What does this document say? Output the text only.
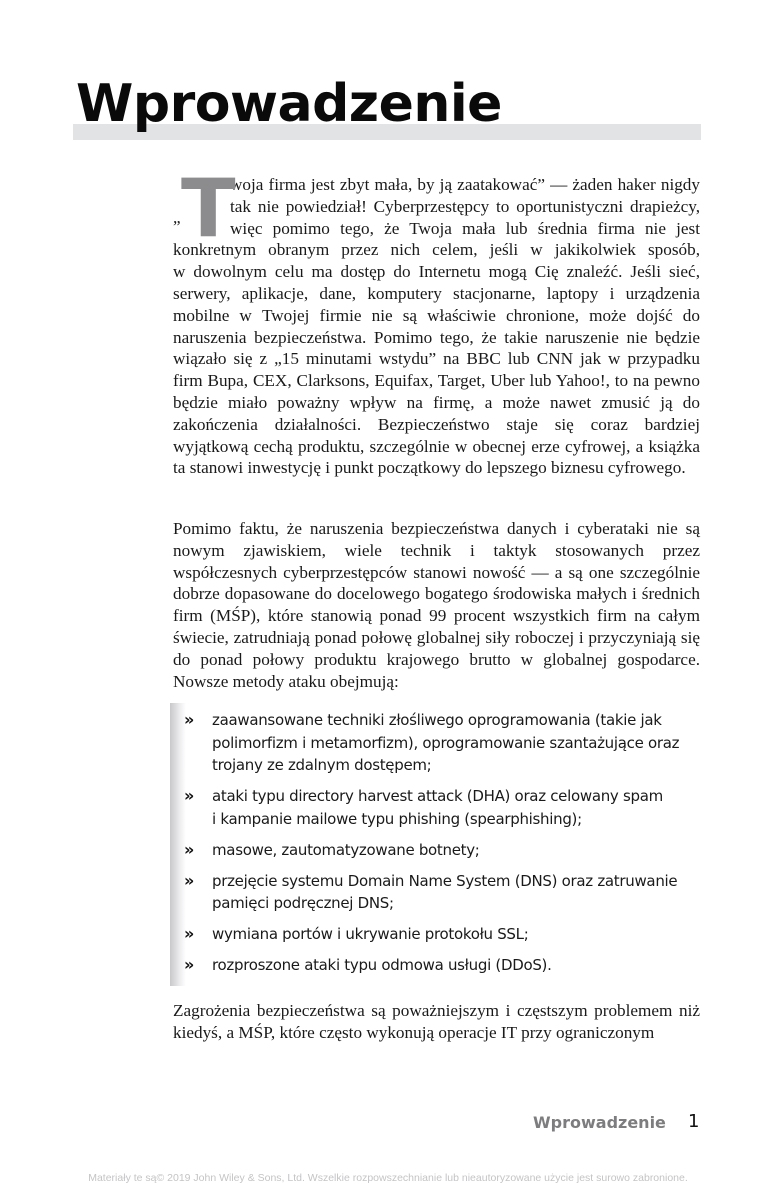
Wprowadzenie
T
”

woja firma jest zbyt mała, by ją zaatakować” — żaden haker nigdy tak nie powiedział! Cyberprzestępcy to oportunistyczni drapieżcy, więc pomimo tego, że Twoja mała lub średnia firma nie jest konkretnym obranym przez nich celem, jeśli w jakikolwiek sposób, w dowolnym celu ma dostęp do Internetu mogą Cię znaleźć. Jeśli sieć, serwery, aplikacje, dane, komputery stacjonarne, laptopy i urządzenia mobilne w Twojej firmie nie są właściwie chronione, może dojść do naruszenia bezpieczeństwa. Pomimo tego, że takie naruszenie nie będzie wiązało się z „15 minutami wstydu” na BBC lub CNN jak w przypadku firm Bupa, CEX, Clarksons, Equifax, Target, Uber lub Yahoo!, to na pewno będzie miało poważny wpływ na firmę, a może nawet zmusić ją do zakończenia działalności. Bezpieczeństwo staje się coraz bardziej wyjątkową cechą produktu, szczególnie w obecnej erze cyfrowej, a książka ta stanowi inwestycję i punkt początkowy do lepszego biznesu cyfrowego.

Pomimo faktu, że naruszenia bezpieczeństwa danych i cyberataki nie są nowym zjawiskiem, wiele technik i taktyk stosowanych przez współczesnych cyberprzestępców stanowi nowość — a są one szczególnie dobrze dopasowane do docelowego bogatego środowiska małych i średnich firm (MŚP), które stanowią ponad 99 procent wszystkich firm na całym świecie, zatrudniają ponad połowę globalnej siły roboczej i przyczyniają się do ponad połowy produktu krajowego brutto w globalnej gospodarce. Nowsze metody ataku obejmują:

» zaawansowane techniki złośliwego oprogramowania (takie jak polimorfizm i metamorfizm), oprogramowanie szantażujące oraz trojany ze zdalnym dostępem;
» ataki typu directory harvest attack (DHA) oraz celowany spam i kampanie mailowe typu phishing (spearphishing);
» masowe, zautomatyzowane botnety;
» przejęcie systemu Domain Name System (DNS) oraz zatruwanie pamięci podręcznej DNS;
» wymiana portów i ukrywanie protokołu SSL;
» rozproszone ataki typu odmowa usługi (DDoS).

Zagrożenia bezpieczeństwa są poważniejszym i częstszym problemem niż kiedyś, a MŚP, które często wykonują operacje IT przy ograniczonym

Wprowadzenie 1
Materiały te są© 2019 John Wiley & Sons, Ltd. Wszelkie rozpowszechnianie lub nieautoryzowane użycie jest surowo zabronione.
